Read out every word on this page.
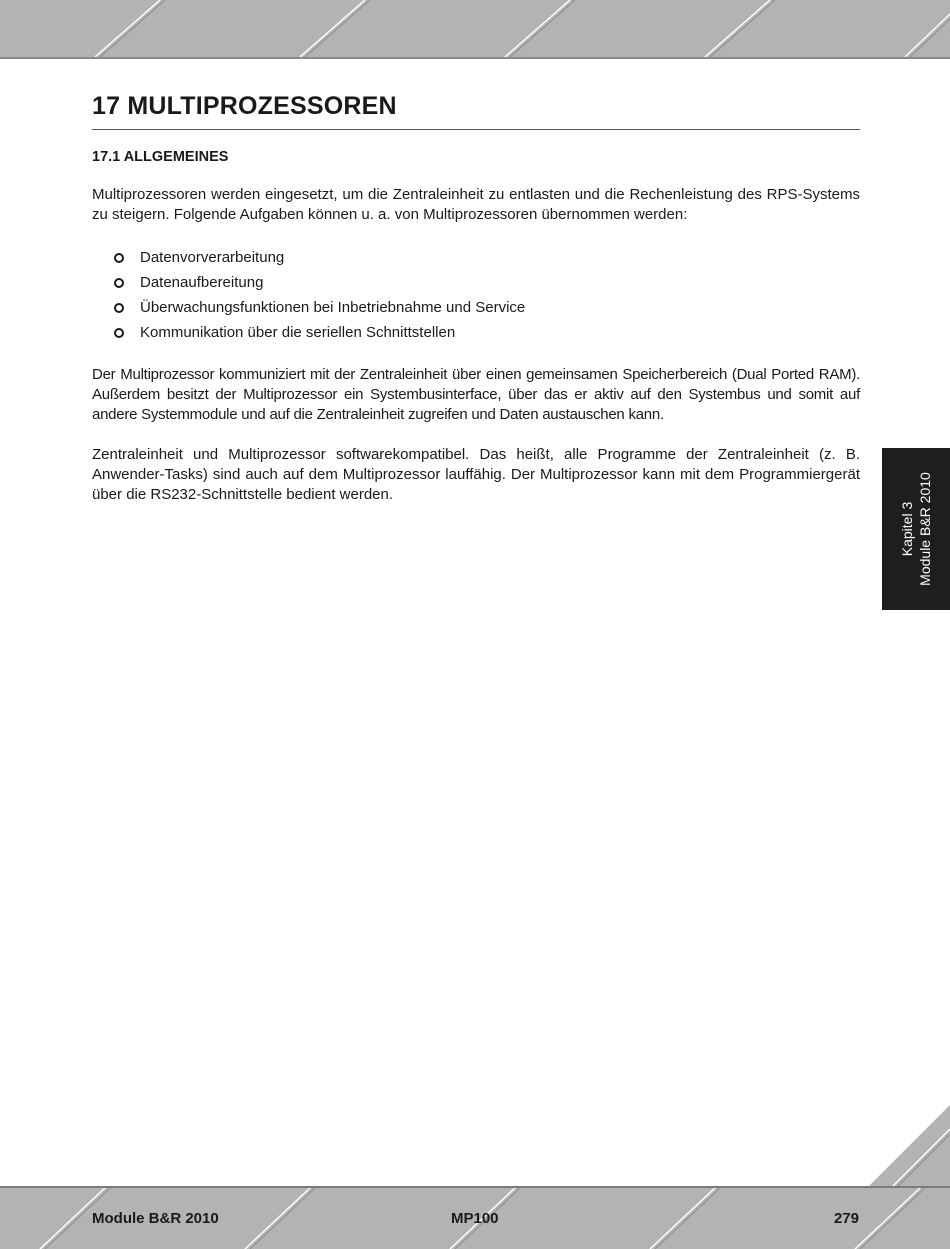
17 MULTIPROZESSOREN
17.1 ALLGEMEINES

Multiprozessoren werden eingesetzt, um die Zentraleinheit zu entlasten und die Rechenleistung des RPS-Systems zu steigern. Folgende Aufgaben können u. a. von Multiprozessoren übernommen werden:

Datenvorverarbeitung
Datenaufbereitung
Überwachungsfunktionen bei Inbetriebnahme und Service
Kommunikation über die seriellen Schnittstellen

Der Multiprozessor kommuniziert mit der Zentraleinheit über einen gemeinsamen Speicherbereich (Dual Ported RAM). Außerdem besitzt der Multiprozessor ein Systembusinterface, über das er aktiv auf den Systembus und somit auf andere Systemmodule und auf die Zentraleinheit zugreifen und Daten austauschen kann.

Zentraleinheit und Multiprozessor softwarekompatibel. Das heißt, alle Programme der Zentraleinheit (z. B. Anwender-Tasks) sind auch auf dem Multiprozessor lauffähig. Der Multiprozessor kann mit dem Programmiergerät über die RS232-Schnittstelle bedient werden.

Kapitel 3 Module B&R 2010
Module B&R 2010	MP100	279
